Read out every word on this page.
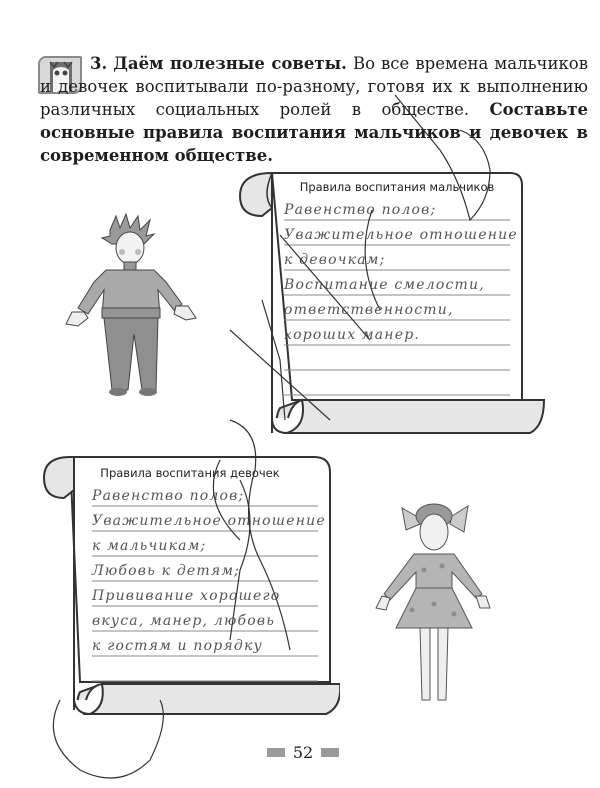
3. Даём полезные советы. Во все времена мальчиков и девочек воспитывали по-разному, готовя их к выполнению различных социальных ролей в обществе. Составьте основные правила воспитания мальчиков и девочек в современном обществе.
Правила воспитания мальчиков
Равенство полов;
Уважительное отношение
к девочкам;
Воспитание смелости,
ответственности,
хороших манер.
Правила воспитания девочек
Равенство полов;
Уважительное отношение
к мальчикам;
Любовь к детям;
Прививание хорошего
вкуса, манер, любовь
к гостям и порядку
52
